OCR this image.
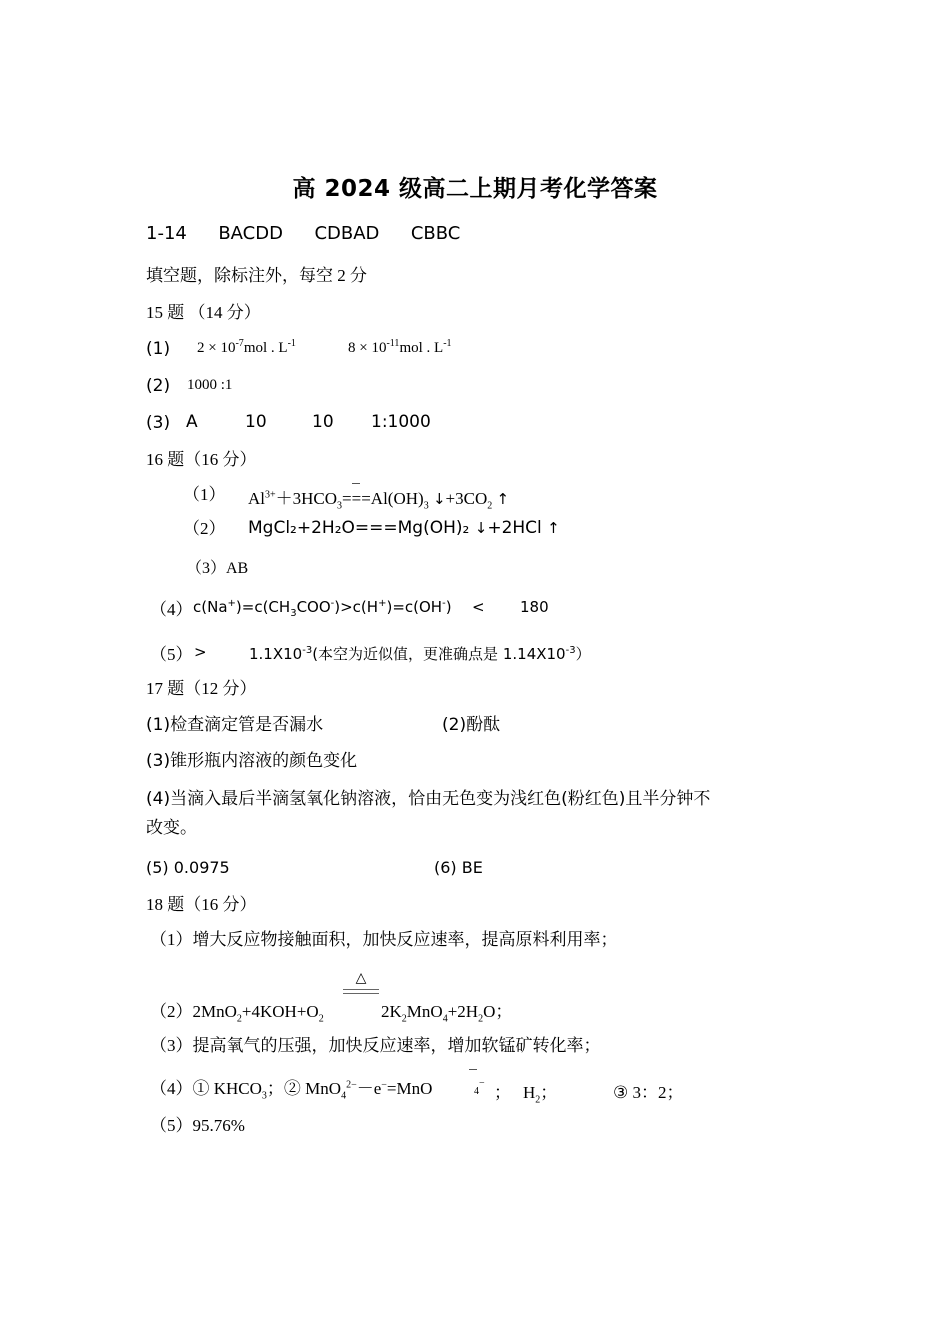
高 2024 级高二上期月考化学答案
1-14 BACDD CDBAD CBBC
填空题，除标注外，每空 2 分
15 题 （14 分）
(1) $2 \times 10^{-7}mol$ . $L^{-1}$	$8 \times 10^{-11}mol$ . $L^{-1}$
(2) 1000 :1
(3) A	10	10 1:1000
16 题（16 分）
（1） $Al^{3+}+3HCO_3===Al(OH)_3$ $↓+3CO_2$ ↑
（2） MgCl₂+2H₂O===Mg(OH)₂ ↓+2HCl ↑
（3）AB
（4） $c(Na^+)=c(CH_3COO^-)>c(H^+)=c(OH^-) < 180$
（5） >	$1.1X10^{-3}$(本空为近似值，更准确点是 $1.14X10^{-3}$）
17 题（12 分）
(1)检查滴定管是否漏水	(2)酚酞
(3)锥形瓶内溶液的颜色变化
(4)当滴入最后半滴氢氧化钠溶液，恰由无色变为浅红色(粉红色)且半分钟不
改变。
(5) 0.0975	(6) BE
18 题（16 分）
（1）增大反应物接触面积，加快反应速率，提高原料利用率；
△
$(2)2MnO_2+4KOH+O_2$	$2K_2MnO_4+2H_2O$；
（3）提高氧气的压强，加快反应速率，增加软锰矿转化率；
（4）① $KHCO_3$；② MnO$_4^{2-}$－e−=MnO	4− ； $H_2$；	③ 3：2；
（5）95.76%
